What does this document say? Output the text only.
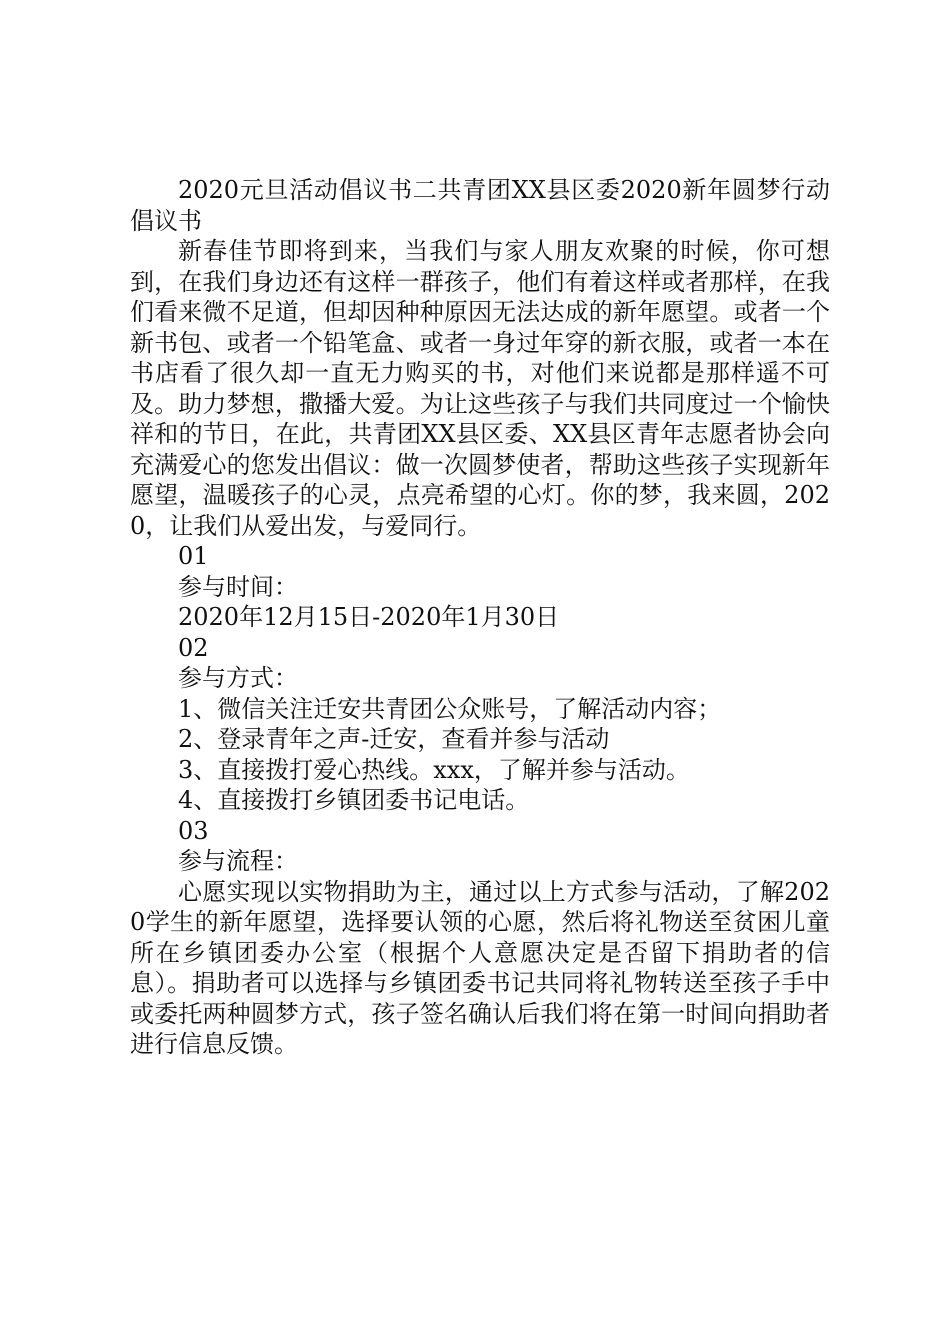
2020元旦活动倡议书二共青团XX县区委2020新年圆梦行动倡议书

新春佳节即将到来，当我们与家人朋友欢聚的时候，你可想到，在我们身边还有这样一群孩子，他们有着这样或者那样，在我们看来微不足道，但却因种种原因无法达成的新年愿望。或者一个新书包、或者一个铅笔盒、或者一身过年穿的新衣服，或者一本在书店看了很久却一直无力购买的书，对他们来说都是那样遥不可及。助力梦想，撒播大爱。为让这些孩子与我们共同度过一个愉快祥和的节日，在此，共青团XX县区委、XX县区青年志愿者协会向充满爱心的您发出倡议：做一次圆梦使者，帮助这些孩子实现新年愿望，温暖孩子的心灵，点亮希望的心灯。你的梦，我来圆，2020，让我们从爱出发，与爱同行。

01

参与时间：

2020年12月15日-2020年1月30日

02

参与方式：

1、微信关注迁安共青团公众账号，了解活动内容；

2、登录青年之声-迁安，查看并参与活动

3、直接拨打爱心热线。xxx，了解并参与活动。

4、直接拨打乡镇团委书记电话。

03

参与流程：

心愿实现以实物捐助为主，通过以上方式参与活动，了解2020学生的新年愿望，选择要认领的心愿，然后将礼物送至贫困儿童所在乡镇团委办公室（根据个人意愿决定是否留下捐助者的信息）。捐助者可以选择与乡镇团委书记共同将礼物转送至孩子手中或委托两种圆梦方式，孩子签名确认后我们将在第一时间向捐助者进行信息反馈。
